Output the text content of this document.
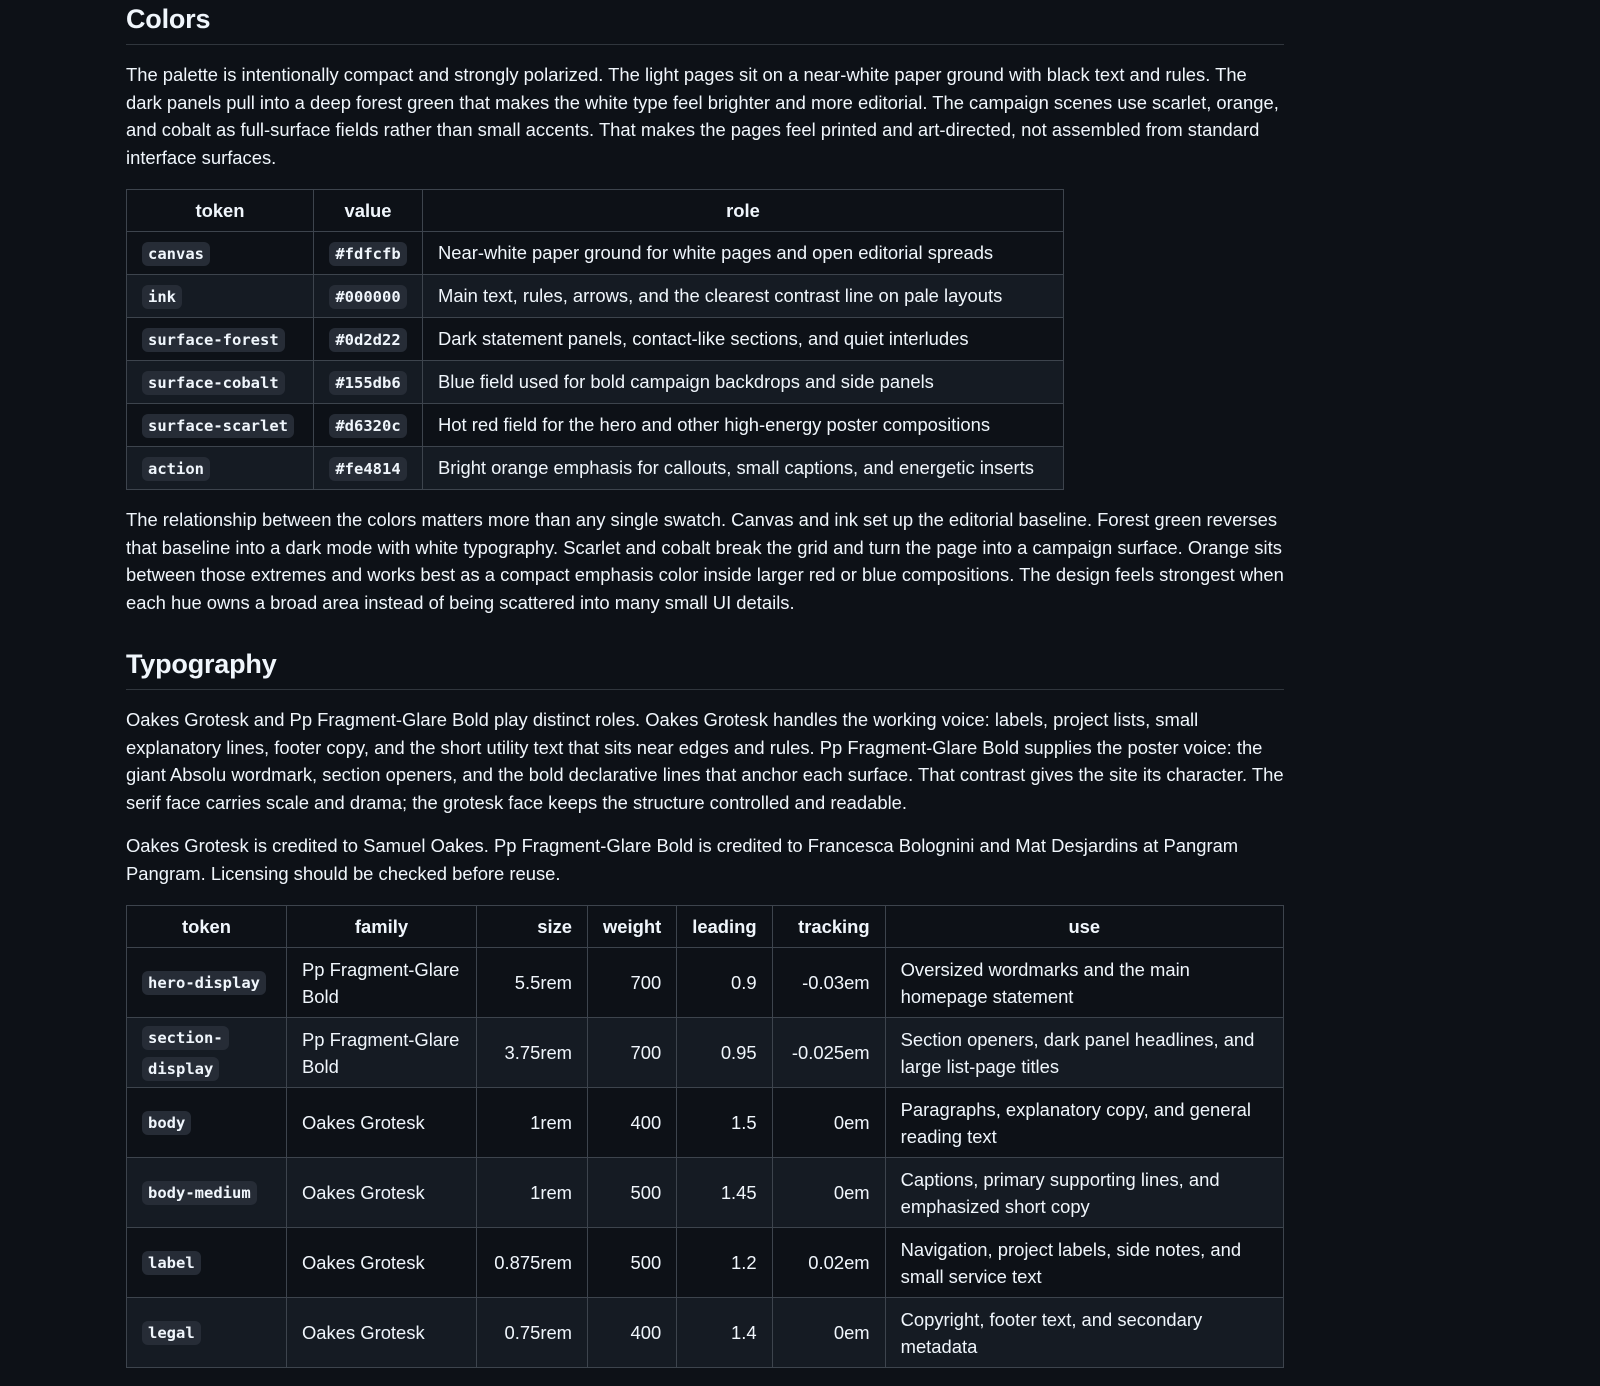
Colors

The palette is intentionally compact and strongly polarized. The light pages sit on a near-white paper ground with black text and rules. The dark panels pull into a deep forest green that makes the white type feel brighter and more editorial. The campaign scenes use scarlet, orange, and cobalt as full-surface fields rather than small accents. That makes the pages feel printed and art-directed, not assembled from standard interface surfaces.

token	value	role
canvas	#fdfcfb	Near-white paper ground for white pages and open editorial spreads
ink	#000000	Main text, rules, arrows, and the clearest contrast line on pale layouts
surface-forest	#0d2d22	Dark statement panels, contact-like sections, and quiet interludes
surface-cobalt	#155db6	Blue field used for bold campaign backdrops and side panels
surface-scarlet	#d6320c	Hot red field for the hero and other high-energy poster compositions
action	#fe4814	Bright orange emphasis for callouts, small captions, and energetic inserts

The relationship between the colors matters more than any single swatch. Canvas and ink set up the editorial baseline. Forest green reverses that baseline into a dark mode with white typography. Scarlet and cobalt break the grid and turn the page into a campaign surface. Orange sits between those extremes and works best as a compact emphasis color inside larger red or blue compositions. The design feels strongest when each hue owns a broad area instead of being scattered into many small UI details.

Typography

Oakes Grotesk and Pp Fragment-Glare Bold play distinct roles. Oakes Grotesk handles the working voice: labels, project lists, small explanatory lines, footer copy, and the short utility text that sits near edges and rules. Pp Fragment-Glare Bold supplies the poster voice: the giant Absolu wordmark, section openers, and the bold declarative lines that anchor each surface. That contrast gives the site its character. The serif face carries scale and drama; the grotesk face keeps the structure controlled and readable.

Oakes Grotesk is credited to Samuel Oakes. Pp Fragment-Glare Bold is credited to Francesca Bolognini and Mat Desjardins at Pangram Pangram. Licensing should be checked before reuse.

token	family	size	weight	leading	tracking	use
hero-display	Pp Fragment-Glare Bold	5.5rem	700	0.9	-0.03em	Oversized wordmarks and the main homepage statement
section-display	Pp Fragment-Glare Bold	3.75rem	700	0.95	-0.025em	Section openers, dark panel headlines, and large list-page titles
body	Oakes Grotesk	1rem	400	1.5	0em	Paragraphs, explanatory copy, and general reading text
body-medium	Oakes Grotesk	1rem	500	1.45	0em	Captions, primary supporting lines, and emphasized short copy
label	Oakes Grotesk	0.875rem	500	1.2	0.02em	Navigation, project labels, side notes, and small service text
legal	Oakes Grotesk	0.75rem	400	1.4	0em	Copyright, footer text, and secondary metadata
